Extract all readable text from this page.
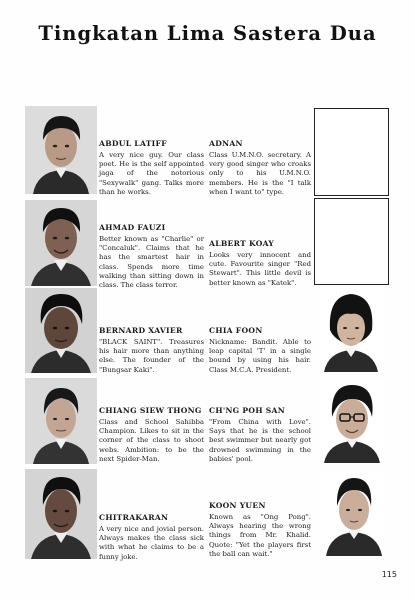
Tingkatan Lima Sastera Dua

ABDUL LATIFF

A very nice guy. Our class poet. He is the self appointed jaga of the notorious "Sexywalk" gang. Talks more than he works.

AHMAD FAUZI

Better known as "Charlie" or "Concaluk". Claims that he has the smartest hair in class. Spends more time walking than sitting down in class. The class terror.

BERNARD XAVIER

"BLACK SAINT". Treasures his hair more than anything else. The founder of the "Bungsar Kaki".

CHIANG SIEW THONG

Class and School Sahibba Champion. Likes to sit in the corner of the class to shoot webs. Ambition: to be the next Spider-Man.

CHITRAKARAN

A very nice and jovial person. Always makes the class sick with what he claims to be a funny joke.

ADNAN

Class U.M.N.O. secretary. A very good singer who croaks only to his U.M.N.O. members. He is the "I talk when I want to" type.

ALBERT KOAY

Looks very innocent and cute. Favourite singer "Red Stewart". This little devil is better known as "Katek".

CHIA FOON

Nickname: Bandit. Able to leap capital 'T' in a single bound by using his hair. Class M.C.A. President.

CH'NG POH SAN

"From China with Love". Says that he is the school best swimmer but nearly got drowned swimming in the babies' pool.

KOON YUEN

Known as "Ong Pong". Always hearing the wrong things from Mr. Khalid. Quote: "Yet the players first the ball can wait."

115
